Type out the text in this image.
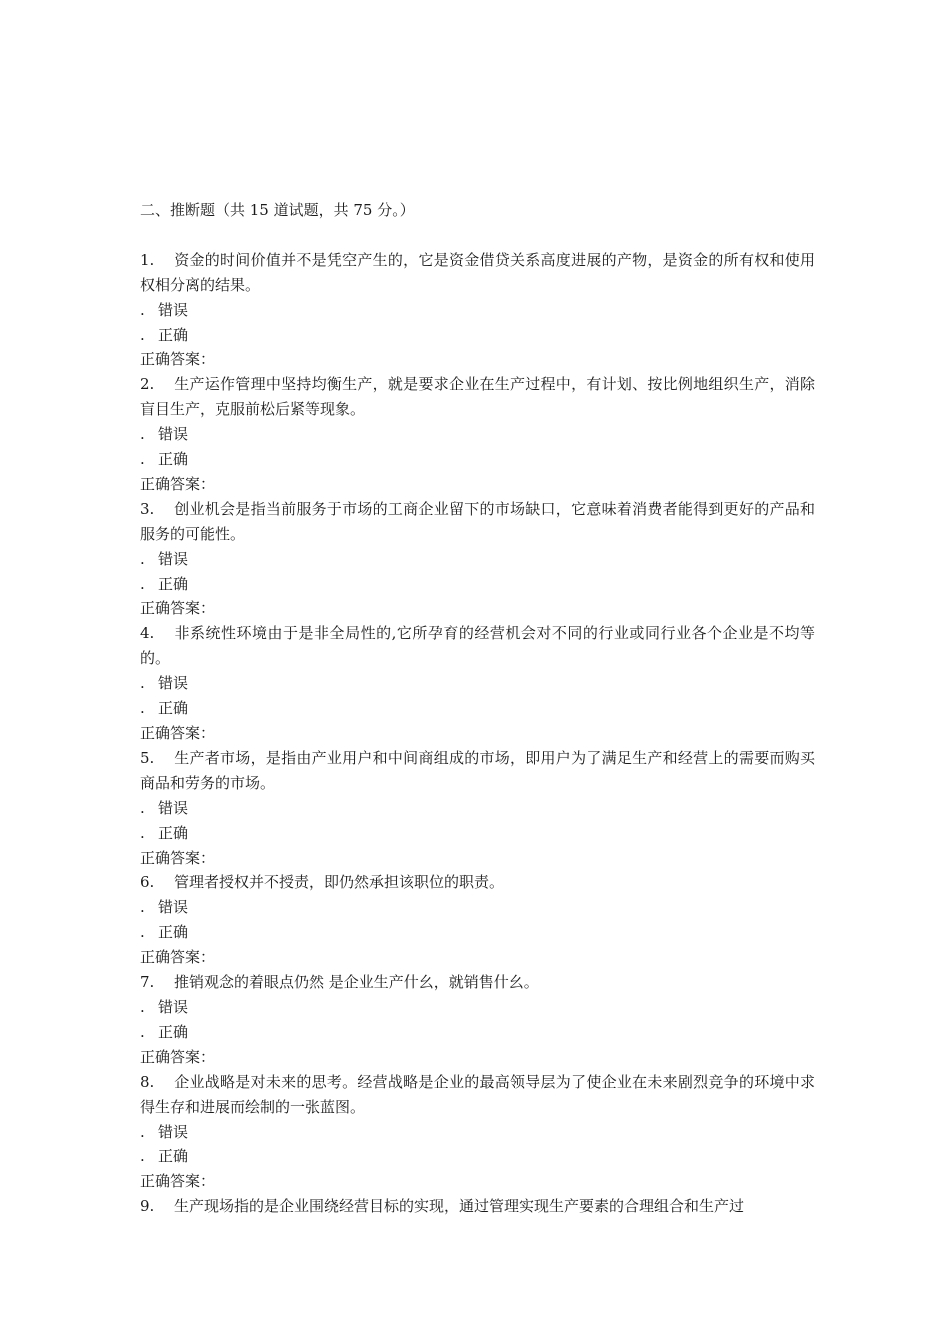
二、推断题（共 15 道试题，共 75 分。）
1. 资金的时间价值并不是凭空产生的，它是资金借贷关系高度进展的产物，是资金的所有权和使用权相分离的结果。
. 错误
. 正确
正确答案：
2. 生产运作管理中坚持均衡生产，就是要求企业在生产过程中，有计划、按比例地组织生产，消除盲目生产，克服前松后紧等现象。
. 错误
. 正确
正确答案：
3. 创业机会是指当前服务于市场的工商企业留下的市场缺口，它意味着消费者能得到更好的产品和服务的可能性。
. 错误
. 正确
正确答案：
4. 非系统性环境由于是非全局性的,它所孕育的经营机会对不同的行业或同行业各个企业是不均等的。
. 错误
. 正确
正确答案：
5. 生产者市场，是指由产业用户和中间商组成的市场，即用户为了满足生产和经营上的需要而购买商品和劳务的市场。
. 错误
. 正确
正确答案：
6. 管理者授权并不授责，即仍然承担该职位的职责。
. 错误
. 正确
正确答案：
7. 推销观念的着眼点仍然 是企业生产什幺，就销售什幺。
. 错误
. 正确
正确答案：
8. 企业战略是对未来的思考。经营战略是企业的最高领导层为了使企业在未来剧烈竞争的环境中求得生存和进展而绘制的一张蓝图。
. 错误
. 正确
正确答案：
9. 生产现场指的是企业围绕经营目标的实现，通过管理实现生产要素的合理组合和生产过
